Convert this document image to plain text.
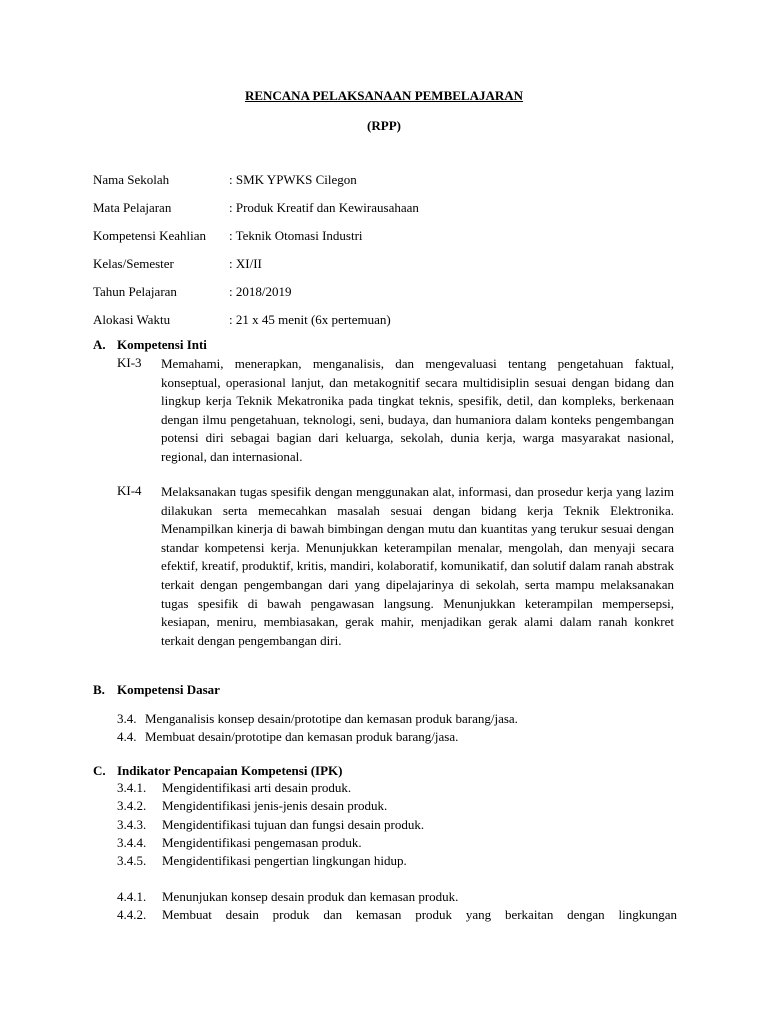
RENCANA PELAKSANAAN PEMBELAJARAN
(RPP)
Nama Sekolah	: SMK YPWKS Cilegon
Mata Pelajaran	: Produk Kreatif dan Kewirausahaan
Kompetensi Keahlian : Teknik Otomasi Industri
Kelas/Semester	: XI/II
Tahun Pelajaran	: 2018/2019
Alokasi Waktu	: 21 x 45 menit (6x pertemuan)
A. Kompetensi Inti
KI-3 Memahami, menerapkan, menganalisis, dan mengevaluasi tentang pengetahuan faktual, konseptual, operasional lanjut, dan metakognitif secara multidisiplin sesuai dengan bidang dan lingkup kerja Teknik Mekatronika pada tingkat teknis, spesifik, detil, dan kompleks, berkenaan dengan ilmu pengetahuan, teknologi, seni, budaya, dan humaniora dalam konteks pengembangan potensi diri sebagai bagian dari keluarga, sekolah, dunia kerja, warga masyarakat nasional, regional, dan internasional.
KI-4 Melaksanakan tugas spesifik dengan menggunakan alat, informasi, dan prosedur kerja yang lazim dilakukan serta memecahkan masalah sesuai dengan bidang kerja Teknik Elektronika. Menampilkan kinerja di bawah bimbingan dengan mutu dan kuantitas yang terukur sesuai dengan standar kompetensi kerja. Menunjukkan keterampilan menalar, mengolah, dan menyaji secara efektif, kreatif, produktif, kritis, mandiri, kolaboratif, komunikatif, dan solutif dalam ranah abstrak terkait dengan pengembangan dari yang dipelajarinya di sekolah, serta mampu melaksanakan tugas spesifik di bawah pengawasan langsung. Menunjukkan keterampilan mempersepsi, kesiapan, meniru, membiasakan, gerak mahir, menjadikan gerak alami dalam ranah konkret terkait dengan pengembangan diri.
B. Kompetensi Dasar
3.4. Menganalisis konsep desain/prototipe dan kemasan produk barang/jasa.
4.4. Membuat desain/prototipe dan kemasan produk barang/jasa.
C. Indikator Pencapaian Kompetensi (IPK)
3.4.1. Mengidentifikasi arti desain produk.
3.4.2. Mengidentifikasi jenis-jenis desain produk.
3.4.3. Mengidentifikasi tujuan dan fungsi desain produk.
3.4.4. Mengidentifikasi pengemasan produk.
3.4.5. Mengidentifikasi pengertian lingkungan hidup.
4.4.1. Menunjukan konsep desain produk dan kemasan produk.
4.4.2. Membuat desain produk dan kemasan produk yang berkaitan dengan lingkungan
